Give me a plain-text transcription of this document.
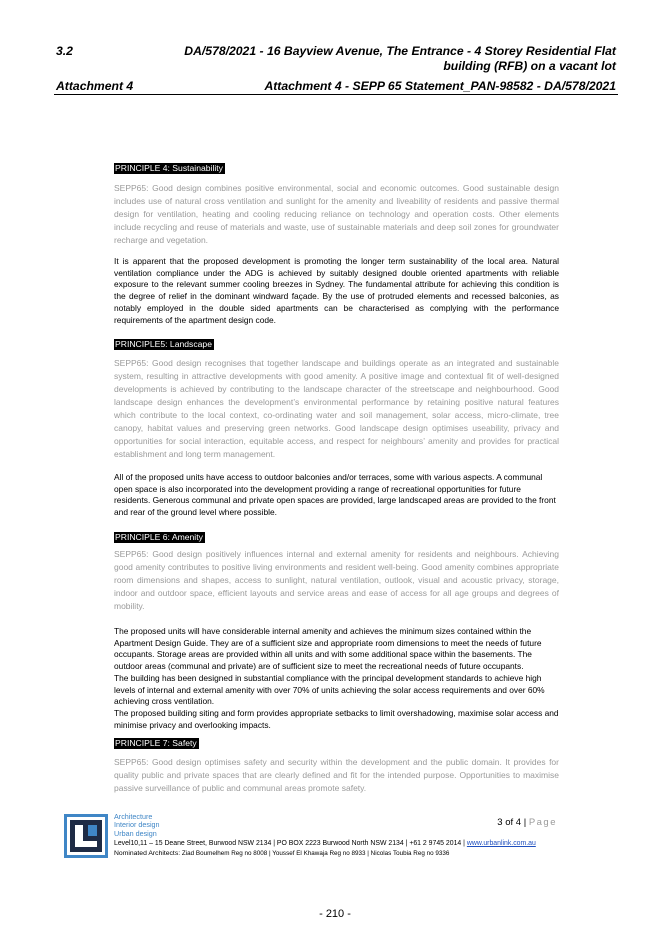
3.2	DA/578/2021 - 16 Bayview Avenue, The Entrance - 4 Storey Residential Flat building (RFB) on a vacant lot
Attachment 4	Attachment 4 - SEPP 65 Statement_PAN-98582 - DA/578/2021
PRINCIPLE 4: Sustainability

SEPP65: Good design combines positive environmental, social and economic outcomes. Good sustainable design includes use of natural cross ventilation and sunlight for the amenity and liveability of residents and passive thermal design for ventilation, heating and cooling reducing reliance on technology and operation costs. Other elements include recycling and reuse of materials and waste, use of sustainable materials and deep soil zones for groundwater recharge and vegetation.

It is apparent that the proposed development is promoting the longer term sustainability of the local area. Natural ventilation compliance under the ADG is achieved by suitably designed double oriented apartments with reliable exposure to the relevant summer cooling breezes in Sydney. The fundamental attribute for achieving this condition is the degree of relief in the dominant windward façade. By the use of protruded elements and recessed balconies, as notably employed in the double sided apartments can be characterised as complying with the performance requirements of the apartment design code.

PRINCIPLE5: Landscape

SEPP65: Good design recognises that together landscape and buildings operate as an integrated and sustainable system, resulting in attractive developments with good amenity. A positive image and contextual fit of well-designed developments is achieved by contributing to the landscape character of the streetscape and neighbourhood. Good landscape design enhances the development’s environmental performance by retaining positive natural features which contribute to the local context, co-ordinating water and soil management, solar access, micro-climate, tree canopy, habitat values and preserving green networks. Good landscape design optimises useability, privacy and opportunities for social interaction, equitable access, and respect for neighbours’ amenity and provides for practical establishment and long term management.

All of the proposed units have access to outdoor balconies and/or terraces, some with various aspects. A communal open space is also incorporated into the development providing a range of recreational opportunities for future residents. Generous communal and private open spaces are provided, large landscaped areas are provided to the front and rear of the ground level where possible.

PRINCIPLE 6: Amenity

SEPP65: Good design positively influences internal and external amenity for residents and neighbours. Achieving good amenity contributes to positive living environments and resident well-being. Good amenity combines appropriate room dimensions and shapes, access to sunlight, natural ventilation, outlook, visual and acoustic privacy, storage, indoor and outdoor space, efficient layouts and service areas and ease of access for all age groups and degrees of mobility.

The proposed units will have considerable internal amenity and achieves the minimum sizes contained within the Apartment Design Guide. They are of a sufficient size and appropriate room dimensions to meet the needs of future occupants. Storage areas are provided within all units and with some additional space within the basements. The outdoor areas (communal and private) are of sufficient size to meet the recreational needs of future occupants.

The building has been designed in substantial compliance with the principal development standards to achieve high levels of internal and external amenity with over 70% of units achieving the solar access requirements and over 60% achieving cross ventilation.

The proposed building siting and form provides appropriate setbacks to limit overshadowing, maximise solar access and minimise privacy and overlooking impacts.

PRINCIPLE 7: Safety

SEPP65: Good design optimises safety and security within the development and the public domain. It provides for quality public and private spaces that are clearly defined and fit for the intended purpose. Opportunities to maximise passive surveillance of public and communal areas promote safety.

Architecture
Interior design
Urban design
3 of 4 | Page
Level10,11 – 15 Deane Street, Burwood NSW 2134 | PO BOX 2223 Burwood North NSW 2134 | +61 2 9745 2014 | www.urbanlink.com.au
Nominated Architects: Ziad Boumelhem Reg no 8008 | Youssef El Khawaja Reg no 8933 | Nicolas Toubia Reg no 9336
- 210 -
